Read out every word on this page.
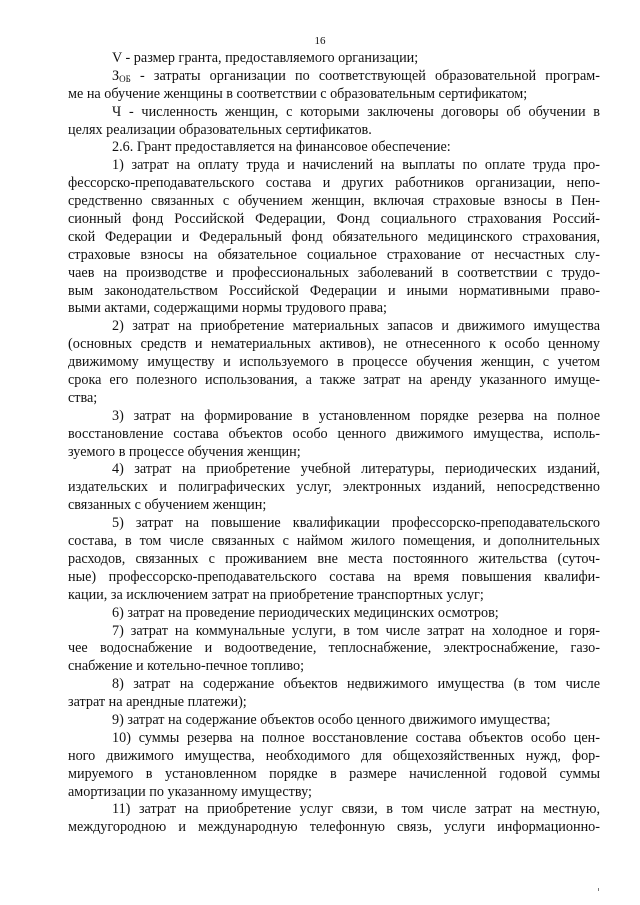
16
V - размер гранта, предоставляемого организации;
$З_{ОБ}$ - затраты организации по соответствующей образовательной програм-
ме на обучение женщины в соответствии с образовательным сертификатом;
Ч - численность женщин, с которыми заключены договоры об обучении в
целях реализации образовательных сертификатов.
2.6. Грант предоставляется на финансовое обеспечение:
1) затрат на оплату труда и начислений на выплаты по оплате труда про-
фессорско-преподавательского состава и других работников организации, непо-
средственно связанных с обучением женщин, включая страховые взносы в Пен-
сионный фонд Российской Федерации, Фонд социального страхования Россий-
ской Федерации и Федеральный фонд обязательного медицинского страхования,
страховые взносы на обязательное социальное страхование от несчастных слу-
чаев на производстве и профессиональных заболеваний в соответствии с трудо-
вым законодательством Российской Федерации и иными нормативными право-
выми актами, содержащими нормы трудового права;
2) затрат на приобретение материальных запасов и движимого имущества
(основных средств и нематериальных активов), не отнесенного к особо ценному
движимому имуществу и используемого в процессе обучения женщин, с учетом
срока его полезного использования, а также затрат на аренду указанного имуще-
ства;
3) затрат на формирование в установленном порядке резерва на полное
восстановление состава объектов особо ценного движимого имущества, исполь-
зуемого в процессе обучения женщин;
4) затрат на приобретение учебной литературы, периодических изданий,
издательских и полиграфических услуг, электронных изданий, непосредственно
связанных с обучением женщин;
5) затрат на повышение квалификации профессорско-преподавательского
состава, в том числе связанных с наймом жилого помещения, и дополнительных
расходов, связанных с проживанием вне места постоянного жительства (суточ-
ные) профессорско-преподавательского состава на время повышения квалифи-
кации, за исключением затрат на приобретение транспортных услуг;
6) затрат на проведение периодических медицинских осмотров;
7) затрат на коммунальные услуги, в том числе затрат на холодное и горя-
чее водоснабжение и водоотведение, теплоснабжение, электроснабжение, газо-
снабжение и котельно-печное топливо;
8) затрат на содержание объектов недвижимого имущества (в том числе
затрат на арендные платежи);
9) затрат на содержание объектов особо ценного движимого имущества;
10) суммы резерва на полное восстановление состава объектов особо цен-
ного движимого имущества, необходимого для общехозяйственных нужд, фор-
мируемого в установленном порядке в размере начисленной годовой суммы
амортизации по указанному имуществу;
11) затрат на приобретение услуг связи, в том числе затрат на местную,
междугородною и международную телефонную связь, услуги информационно-
